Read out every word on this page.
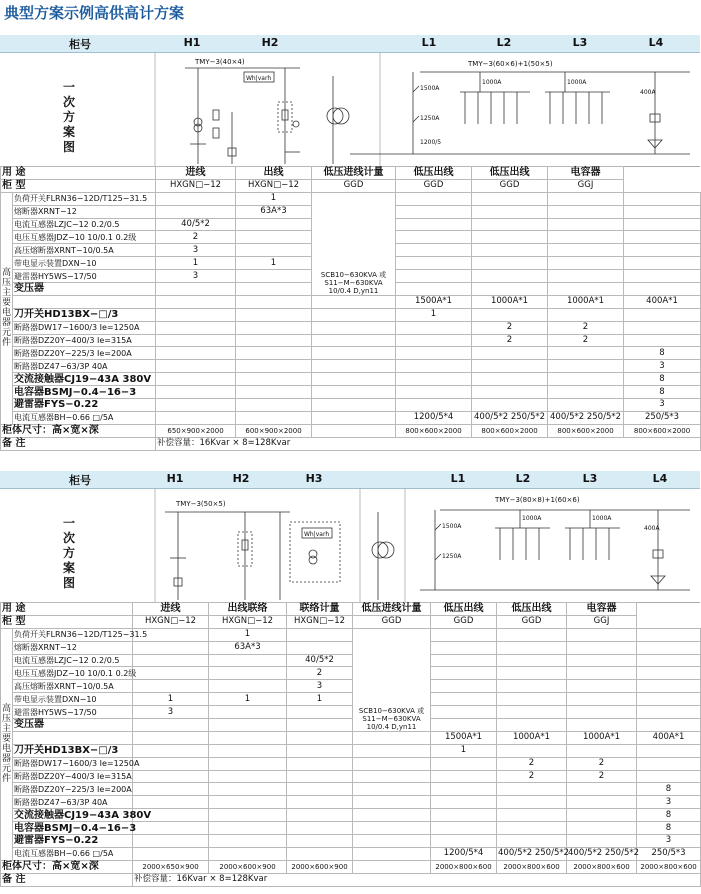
典型方案示例高供高计方案
柜号	H1	H2	L1	L2	L3	L4
一次方案图
TMY−3(40×4)
Wh|varh
TMY−3(60×6)+1(50×5)
1500A
1250A
1200/5
1000A	1000A
400A
用 途		进线	出线	低压进线计量	低压出线	低压出线	电容器	
柜 型		HXGN□−12	HXGN□−12	GGD	GGD	GGD	GGJ	
高压主要电器元件	负荷开关FLRN36−12D/T125−31.5		1	SCB10−630KVA 或S11−M−630KVA 10/0.4 D,yn11				
	熔断器XRNT−12		63A*3					
	电流互感器LZJC−12 0.2/0.5	40/5*2						
	电压互感器JDZ−10 10/0.1 0.2级	2						
	高压熔断器XRNT−10/0.5A	3						
	带电显示装置DXN−10	1	1					
	避雷器HY5WS−17/50	3						
	变压器							
					1500A*1	1000A*1	1000A*1	400A*1
	刀开关HD13BX−□/3				1			
	断路器DW17−1600/3 Ie=1250A					2	2	
	断路器DZ20Y−400/3 Ie=315A					2	2	
	断路器DZ20Y−225/3 Ie=200A							8
	断路器DZ47−63/3P 40A							3
	交流接触器CJ19−43A 380V							8
	电容器BSMJ−0.4−16−3							8
	避雷器FYS−0.22							3
	电流互感器BH−0.66 □/5A				1200/5*4	400/5*2 250/5*2	400/5*2 250/5*2	250/5*3
柜体尺寸：高×宽×深		650×900×2000	600×900×2000		800×600×2000	800×600×2000	800×600×2000	800×600×2000
备 注		补偿容量：16Kvar × 8=128Kvar						
柜号	H1	H2	H3	L1	L2	L3	L4
一次方案图
TMY−3(50×5)
Wh|varh
TMY−3(80×8)+1(60×6)
1500A
1250A
1000A	1000A
400A
用 途		进线	出线联络	联络计量	低压进线计量	低压出线	低压出线	电容器	
柜 型		HXGN□−12	HXGN□−12	HXGN□−12	GGD	GGD	GGD	GGJ	
高压主要电器元件	负荷开关FLRN36−12D/T125−31.5		1		SCB10−630KVA 或S11−M−630KVA 10/0.4 D,yn11				
	熔断器XRNT−12		63A*3						
	电流互感器LZJC−12 0.2/0.5			40/5*2					
	电压互感器JDZ−10 10/0.1 0.2级			2					
	高压熔断器XRNT−10/0.5A			3					
	带电显示装置DXN−10	1	1	1					
	避雷器HY5WS−17/50	3							
	变压器								
						1500A*1	1000A*1	1000A*1	400A*1
	刀开关HD13BX−□/3					1			
	断路器DW17−1600/3 Ie=1250A						2	2	
	断路器DZ20Y−400/3 Ie=315A						2	2	
	断路器DZ20Y−225/3 Ie=200A								8
	断路器DZ47−63/3P 40A								3
	交流接触器CJ19−43A 380V								8
	电容器BSMJ−0.4−16−3								8
	避雷器FYS−0.22								3
	电流互感器BH−0.66 □/5A					1200/5*4	400/5*2 250/5*2	400/5*2 250/5*2	250/5*3
柜体尺寸：高×宽×深		2000×650×900	2000×600×900	2000×600×900		2000×800×600	2000×800×600	2000×800×600	2000×800×600
备 注		补偿容量：16Kvar × 8=128Kvar							
